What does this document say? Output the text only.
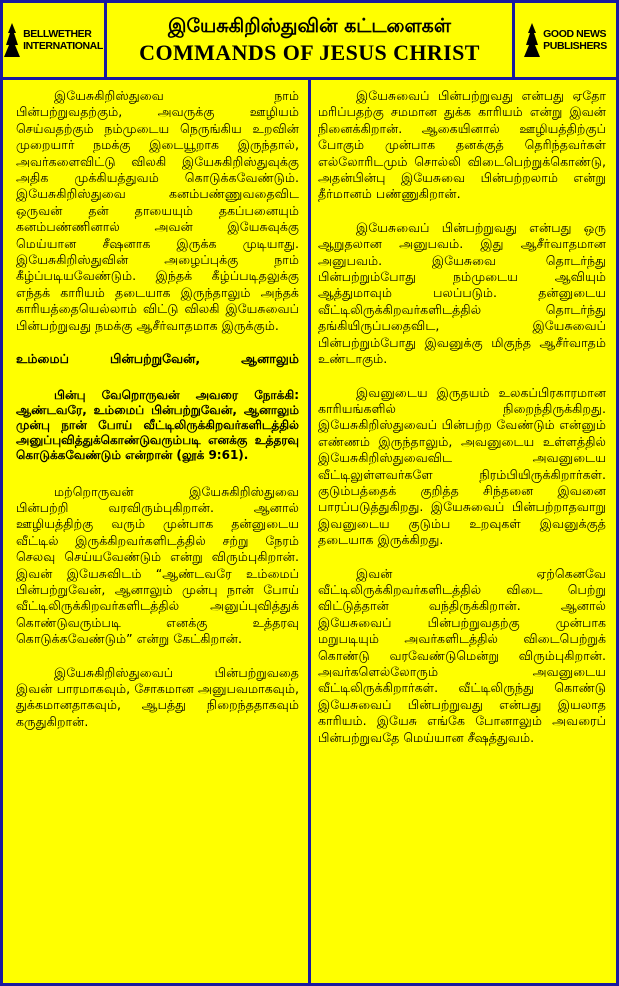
BELLWETHER
INTERNATIONAL
இயேசுகிறிஸ்துவின் கட்டளைகள்
COMMANDS OF JESUS CHRIST
GOOD NEWS
PUBLISHERS

இயேசுகிறிஸ்துவை நாம் பின்பற்றுவதற்கும், அவருக்கு ஊழியம் செய்வதற்கும் நம்முடைய நெருங்கிய உறவின் முறையார் நமக்கு இடையூறாக இருந்தால், அவர்களைவிட்டு விலகி இயேசுகிறிஸ்துவுக்கு அதிக முக்கியத்துவம் கொடுக்கவேண்டும். இயேசுகிறிஸ்துவை கனம்பண்ணுவதைவிட ஒருவன் தன் தாயையும் தகப்பனையும் கனம்பண்ணினால் அவன் இயேசுவுக்கு மெய்யான சீஷனாக இருக்க முடியாது. இயேசுகிறிஸ்துவின் அழைப்புக்கு நாம் கீழ்ப்படியவேண்டும். இந்தக் கீழ்ப்படிதலுக்கு எந்தக் காரியம் தடையாக இருந்தாலும் அந்தக் காரியத்தையெல்லாம் விட்டு விலகி இயேசுவைப் பின்பற்றுவது நமக்கு ஆசீர்வாதமாக இருக்கும்.

உம்மைப் பின்பற்றுவேன், ஆனாலும்

பின்பு வேறொருவன் அவரை நோக்கி: ஆண்டவரே, உம்மைப் பின்பற்றுவேன், ஆனாலும் முன்பு நான் போய் வீட்டிலிருக்கிறவர்களிடத்தில் அனுப்புவித்துக்கொண்டுவரும்படி எனக்கு உத்தரவு கொடுக்கவேண்டும் என்றான் (லூக் 9:61).

மற்றொருவன் இயேசுகிறிஸ்துவை பின்பற்றி வரவிரும்புகிறான். ஆனால் ஊழியத்திற்கு வரும் முன்பாக தன்னுடைய வீட்டில் இருக்கிறவர்களிடத்தில் சற்று நேரம் செலவு செய்யவேண்டும் என்று விரும்புகிறான். இவன் இயேசுவிடம் “ஆண்டவரே உம்மைப் பின்பற்றுவேன், ஆனாலும் முன்பு நான் போய் வீட்டிலிருக்கிறவர்களிடத்தில் அனுப்புவித்துக் கொண்டுவரும்படி எனக்கு உத்தரவு கொடுக்கவேண்டும்” என்று கேட்கிறான்.

இயேசுகிறிஸ்துவைப் பின்பற்றுவதை இவன் பாரமாகவும், சோகமான அனுபவமாகவும், துக்கமானதாகவும், ஆபத்து நிறைந்ததாகவும் கருதுகிறான்.

இயேசுவைப் பின்பற்றுவது என்பது ஏதோ மரிப்பதற்கு சமமான துக்க காரியம் என்று இவன் நினைக்கிறான். ஆகையினால் ஊழியத்திற்குப் போகும் முன்பாக தனக்குத் தெரிந்தவர்கள் எல்லோரிடமும் சொல்லி விடைபெற்றுக்கொண்டு, அதன்பின்பு இயேசுவை பின்பற்றலாம் என்று தீர்மானம் பண்ணுகிறான்.

இயேசுவைப் பின்பற்றுவது என்பது ஒரு ஆறுதலான அனுபவம். இது ஆசீர்வாதமான அனுபவம். இயேசுவை தொடர்ந்து பின்பற்றும்போது நம்முடைய ஆவியும் ஆத்துமாவும் பலப்படும். தன்னுடைய வீட்டிலிருக்கிறவர்களிடத்தில் தொடர்ந்து தங்கியிருப்பதைவிட, இயேசுவைப் பின்பற்றும்போது இவனுக்கு மிகுந்த ஆசீர்வாதம் உண்டாகும்.

இவனுடைய இருதயம் உலகப்பிரகாரமான காரியங்களில் நிறைந்திருக்கிறது. இயேசுகிறிஸ்துவைப் பின்பற்ற வேண்டும் என்னும் எண்ணம் இருந்தாலும், அவனுடைய உள்ளத்தில் இயேசுகிறிஸ்துவைவிட அவனுடைய வீட்டிலுள்ளவர்களே நிரம்பியிருக்கிறார்கள். குடும்பத்தைக் குறித்த சிந்தனை இவனை பாரப்படுத்துகிறது. இயேசுவைப் பின்பற்றாதவாறு இவனுடைய குடும்ப உறவுகள் இவனுக்குத் தடையாக இருக்கிறது.

இவன் ஏற்கெனவே வீட்டிலிருக்கிறவர்களிடத்தில் விடை பெற்று விட்டுத்தான் வந்திருக்கிறான். ஆனால் இயேசுவைப் பின்பற்றுவதற்கு முன்பாக மறுபடியும் அவர்களிடத்தில் விடைபெற்றுக் கொண்டு வரவேண்டுமென்று விரும்புகிறான். அவர்களெல்லோரும் அவனுடைய வீட்டிலிருக்கிறார்கள். வீட்டிலிருந்து கொண்டு இயேசுவைப் பின்பற்றுவது என்பது இயலாத காரியம். இயேசு எங்கே போனாலும் அவரைப் பின்பற்றுவதே மெய்யான சீஷத்துவம்.
